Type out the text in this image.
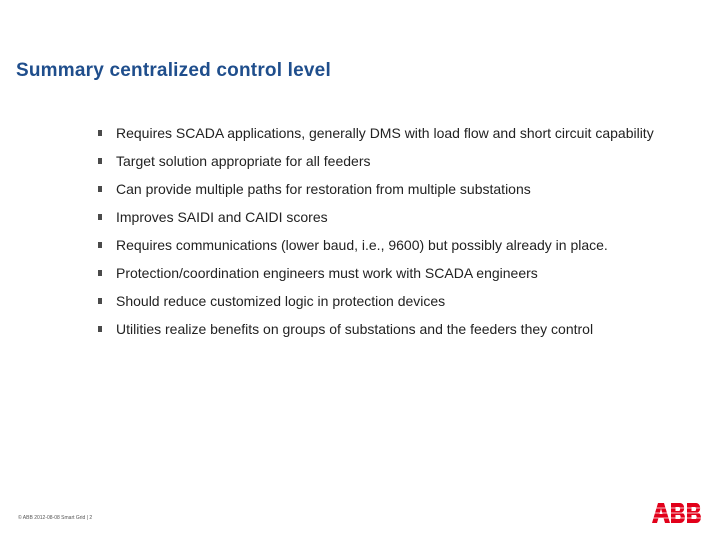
Summary centralized control level
Requires SCADA applications, generally DMS with load flow and short circuit capability
Target solution appropriate for all feeders
Can provide multiple paths for restoration from multiple substations
Improves SAIDI and CAIDI scores
Requires communications (lower baud, i.e., 9600) but possibly already in place.
Protection/coordination engineers must work with SCADA engineers
Should reduce customized logic in protection devices
Utilities realize benefits on groups of substations and the feeders they control
© ABB 2012-08-08 Smart Grid | 2
